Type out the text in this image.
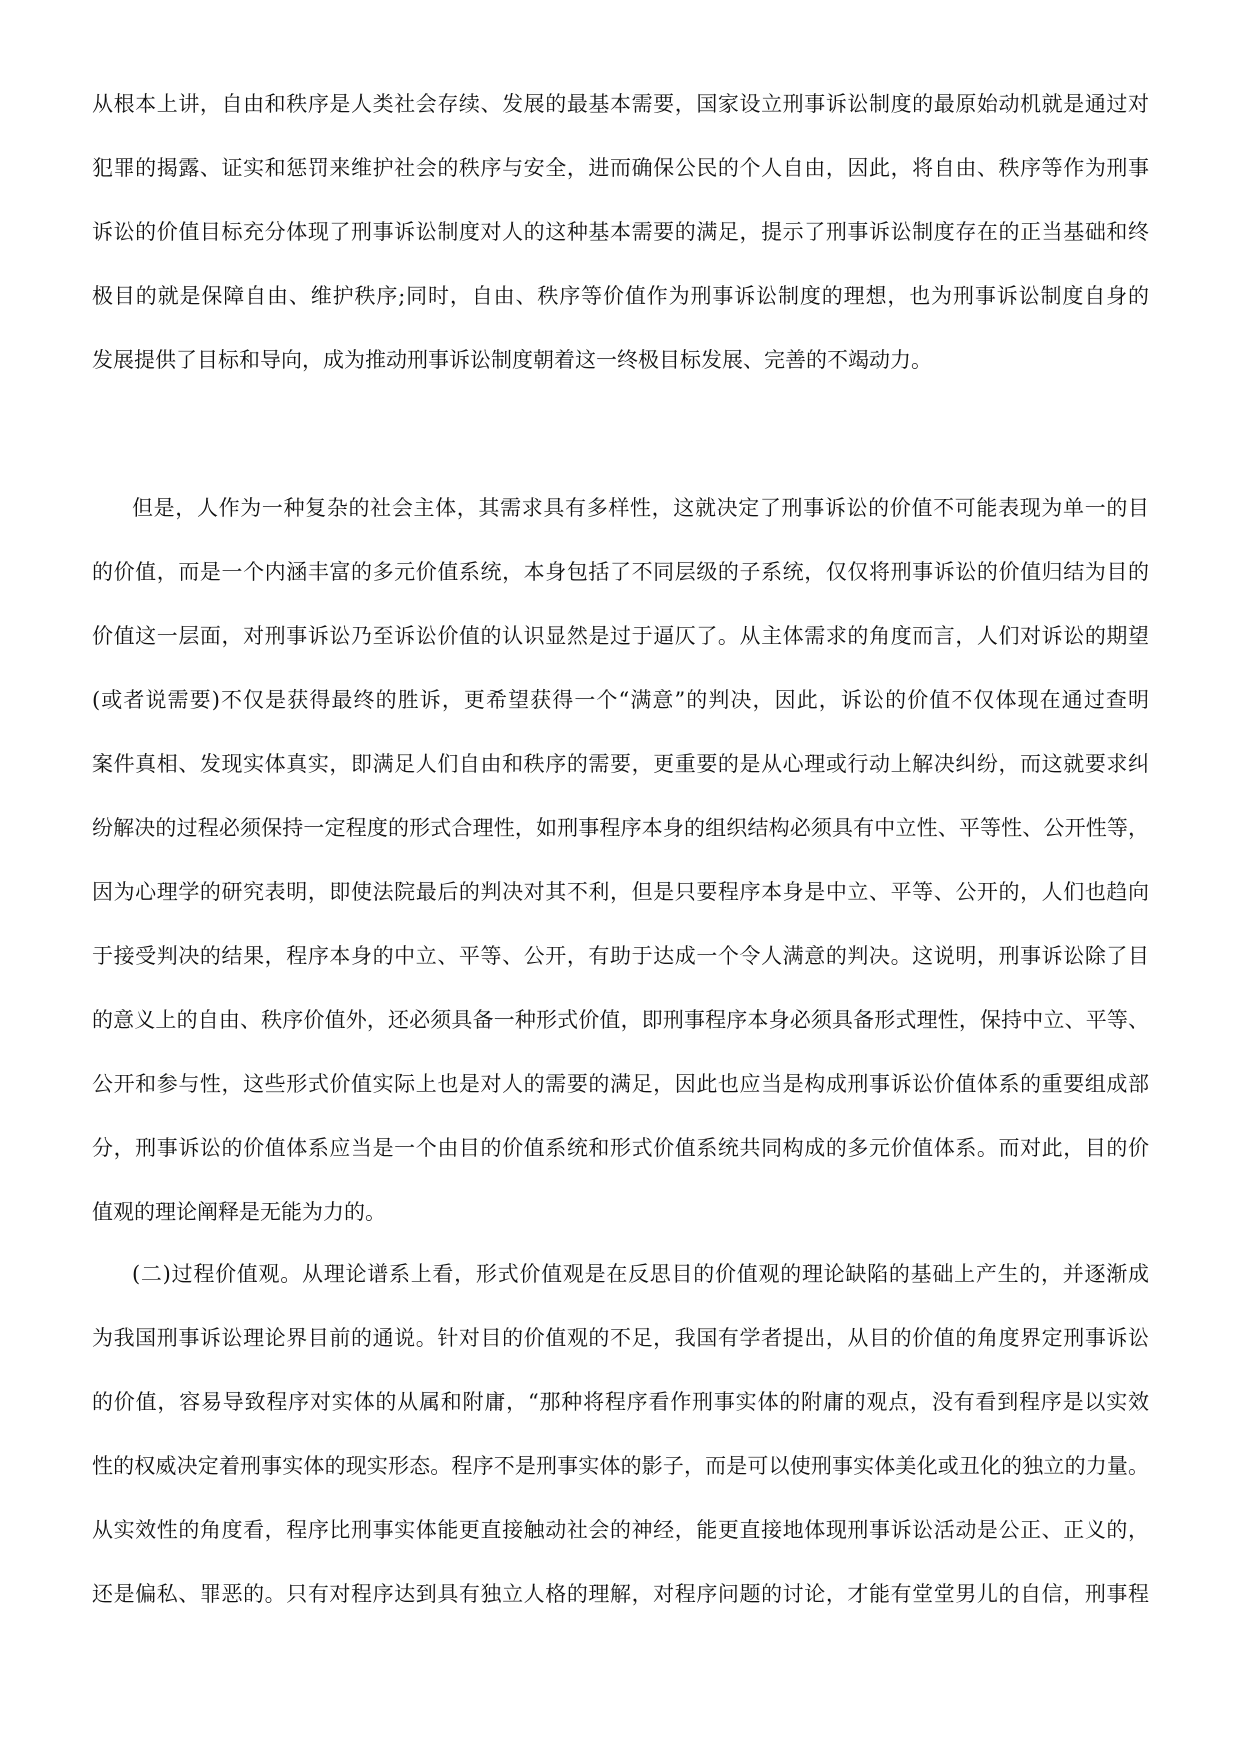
从根本上讲，自由和秩序是人类社会存续、发展的最基本需要，国家设立刑事诉讼制度的最原始动机就是通过对
犯罪的揭露、证实和惩罚来维护社会的秩序与安全，进而确保公民的个人自由，因此，将自由、秩序等作为刑事
诉讼的价值目标充分体现了刑事诉讼制度对人的这种基本需要的满足，提示了刑事诉讼制度存在的正当基础和终
极目的就是保障自由、维护秩序;同时，自由、秩序等价值作为刑事诉讼制度的理想，也为刑事诉讼制度自身的
发展提供了目标和导向，成为推动刑事诉讼制度朝着这一终极目标发展、完善的不竭动力。
但是，人作为一种复杂的社会主体，其需求具有多样性，这就决定了刑事诉讼的价值不可能表现为单一的目
的价值，而是一个内涵丰富的多元价值系统，本身包括了不同层级的子系统，仅仅将刑事诉讼的价值归结为目的
价值这一层面，对刑事诉讼乃至诉讼价值的认识显然是过于逼仄了。从主体需求的角度而言，人们对诉讼的期望
(或者说需要)不仅是获得最终的胜诉，更希望获得一个“满意”的判决，因此，诉讼的价值不仅体现在通过查明
案件真相、发现实体真实，即满足人们自由和秩序的需要，更重要的是从心理或行动上解决纠纷，而这就要求纠
纷解决的过程必须保持一定程度的形式合理性，如刑事程序本身的组织结构必须具有中立性、平等性、公开性等，
因为心理学的研究表明，即使法院最后的判决对其不利，但是只要程序本身是中立、平等、公开的，人们也趋向
于接受判决的结果，程序本身的中立、平等、公开，有助于达成一个令人满意的判决。这说明，刑事诉讼除了目
的意义上的自由、秩序价值外，还必须具备一种形式价值，即刑事程序本身必须具备形式理性，保持中立、平等、
公开和参与性，这些形式价值实际上也是对人的需要的满足，因此也应当是构成刑事诉讼价值体系的重要组成部
分，刑事诉讼的价值体系应当是一个由目的价值系统和形式价值系统共同构成的多元价值体系。而对此，目的价
值观的理论阐释是无能为力的。
(二)过程价值观。从理论谱系上看，形式价值观是在反思目的价值观的理论缺陷的基础上产生的，并逐渐成
为我国刑事诉讼理论界目前的通说。针对目的价值观的不足，我国有学者提出，从目的价值的角度界定刑事诉讼
的价值，容易导致程序对实体的从属和附庸，“那种将程序看作刑事实体的附庸的观点，没有看到程序是以实效
性的权威决定着刑事实体的现实形态。程序不是刑事实体的影子，而是可以使刑事实体美化或丑化的独立的力量。
从实效性的角度看，程序比刑事实体能更直接触动社会的神经，能更直接地体现刑事诉讼活动是公正、正义的，
还是偏私、罪恶的。只有对程序达到具有独立人格的理解，对程序问题的讨论，才能有堂堂男儿的自信，刑事程
